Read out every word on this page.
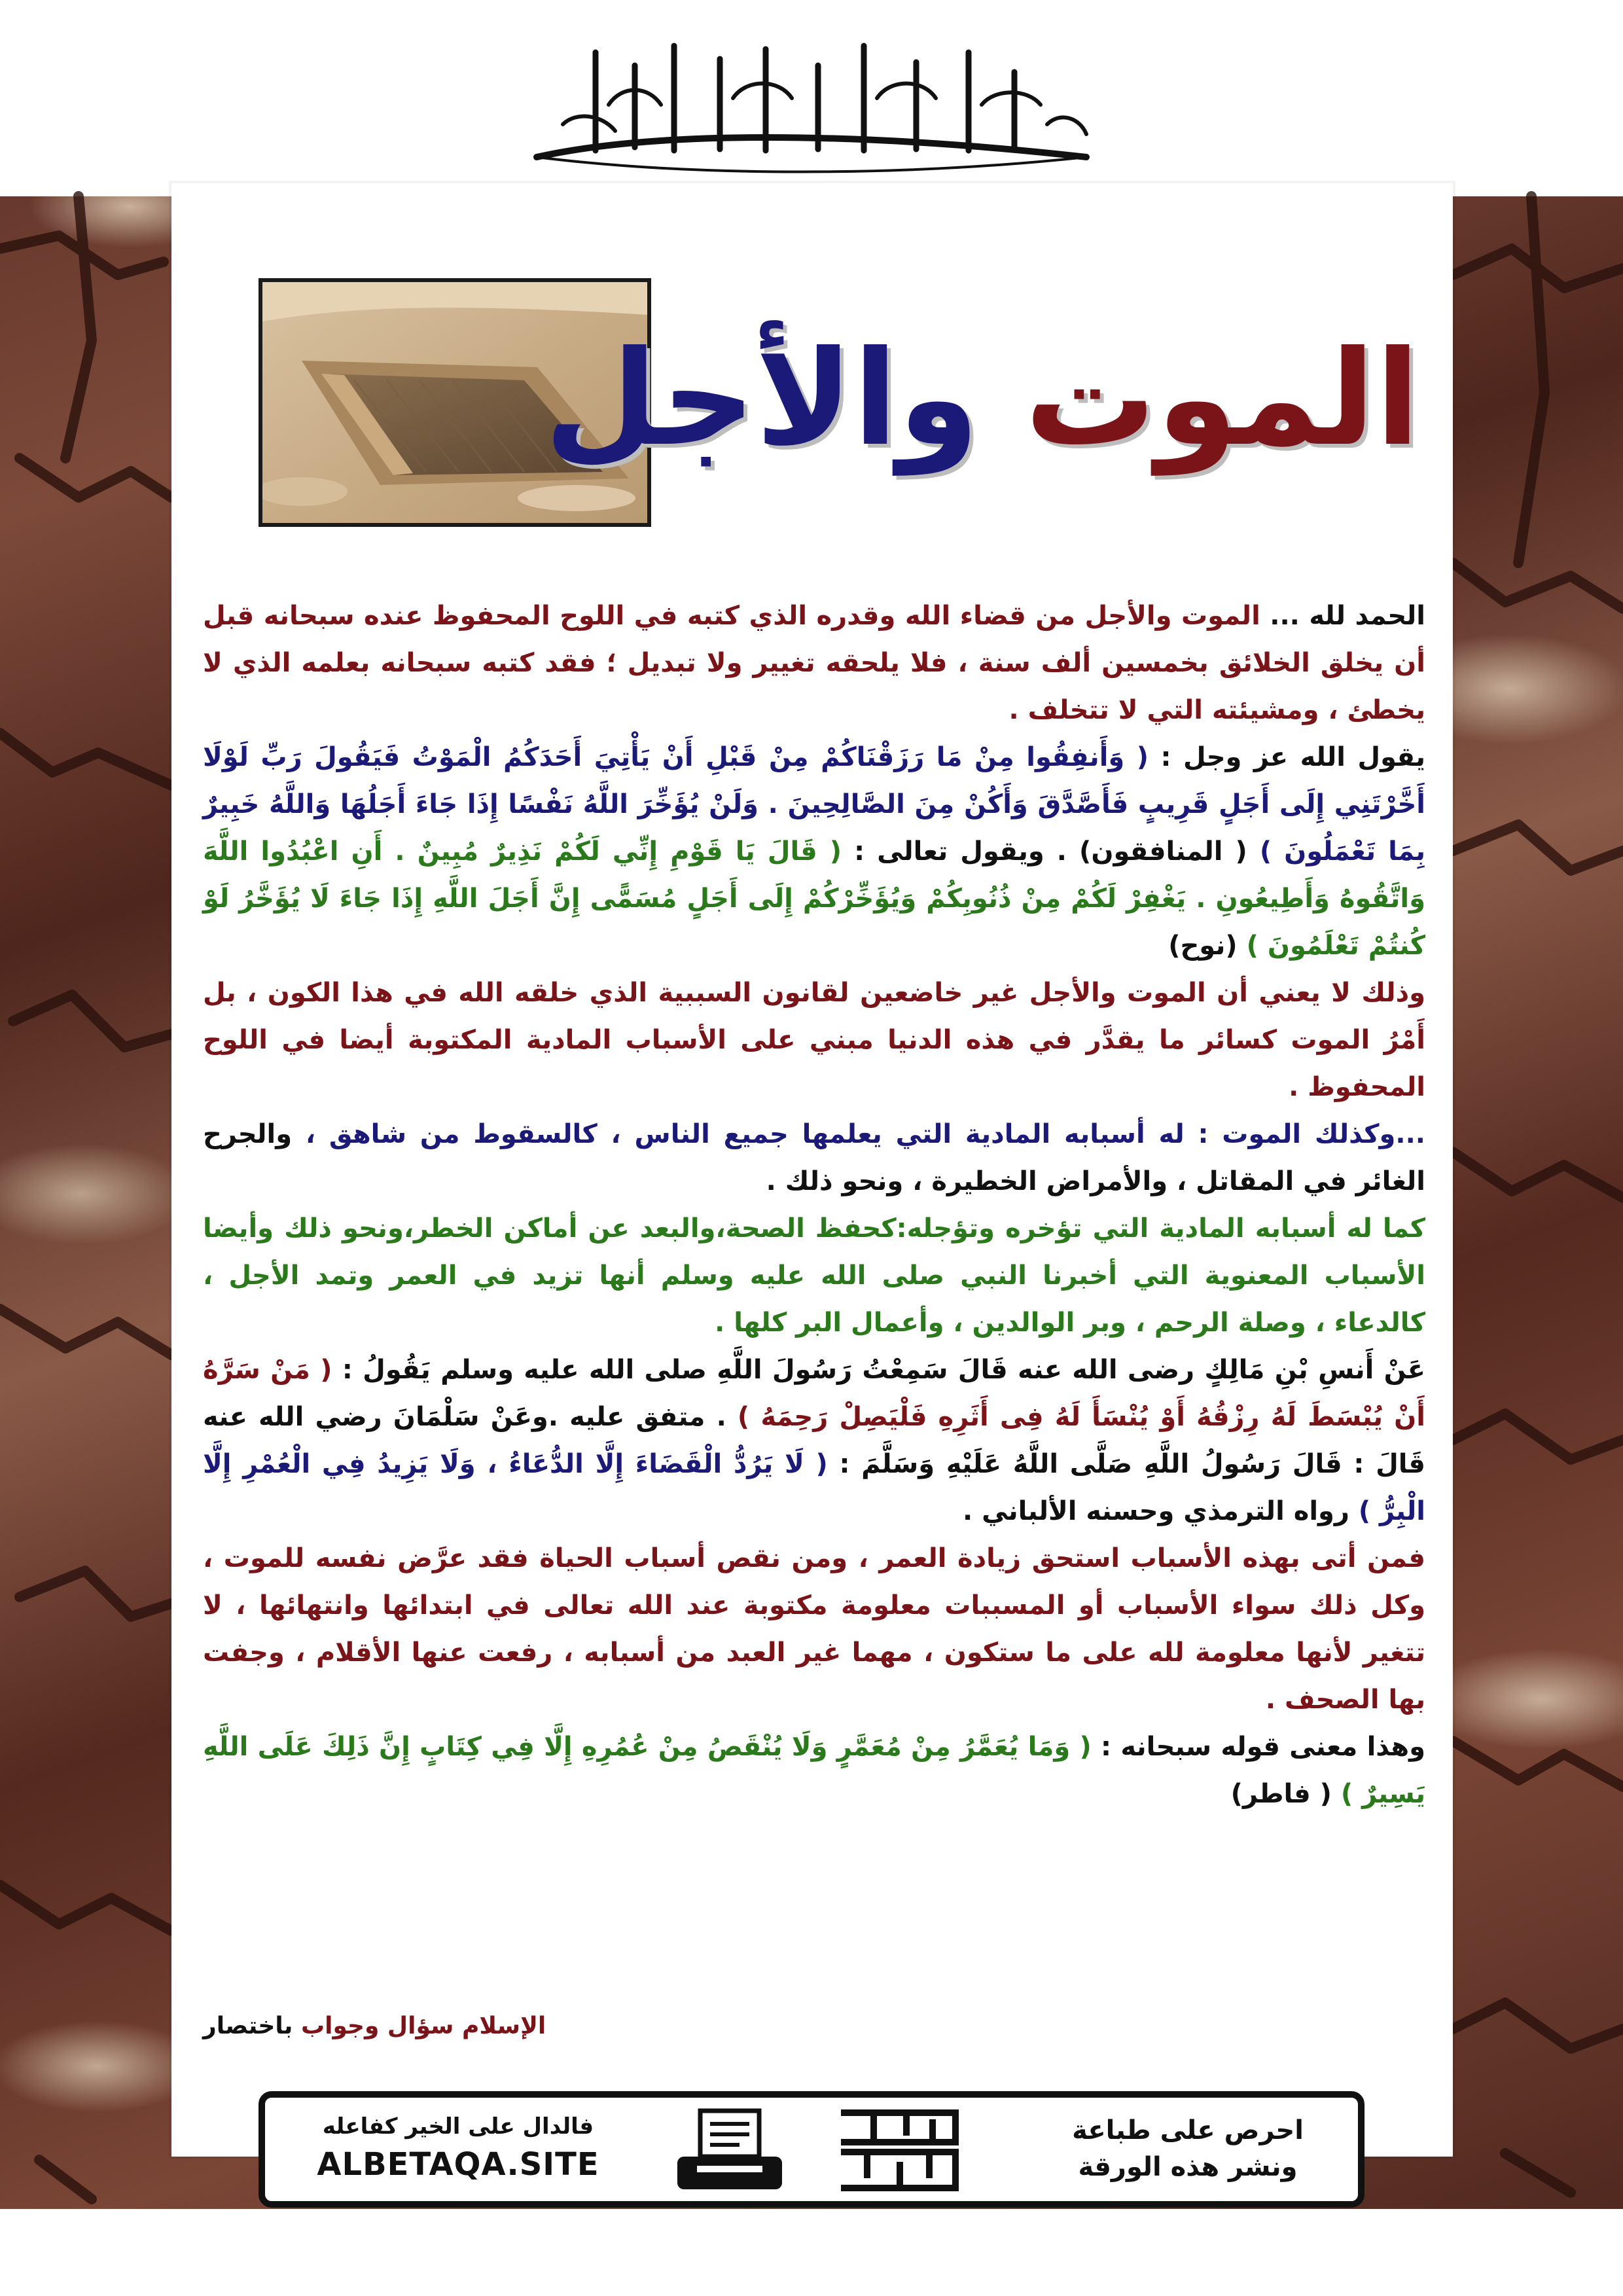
الموت والأجل

الحمد لله ... الموت والأجل من قضاء الله وقدره الذي كتبه في اللوح المحفوظ عنده سبحانه قبل أن يخلق الخلائق بخمسين ألف سنة ، فلا يلحقه تغيير ولا تبديل ؛ فقد كتبه سبحانه بعلمه الذي لا يخطئ ، ومشيئته التي لا تتخلف .

يقول الله عز وجل : ( وَأَنفِقُوا مِنْ مَا رَزَقْنَاكُمْ مِنْ قَبْلِ أَنْ يَأْتِيَ أَحَدَكُمُ الْمَوْتُ فَيَقُولَ رَبِّ لَوْلَا أَخَّرْتَنِي إِلَى أَجَلٍ قَرِيبٍ فَأَصَّدَّقَ وَأَكُنْ مِنَ الصَّالِحِينَ . وَلَنْ يُؤَخِّرَ اللَّهُ نَفْسًا إِذَا جَاءَ أَجَلُهَا وَاللَّهُ خَبِيرٌ بِمَا تَعْمَلُونَ ) ( المنافقون) . ويقول تعالى : ( قَالَ يَا قَوْمِ إِنِّي لَكُمْ نَذِيرٌ مُبِينٌ . أَنِ اعْبُدُوا اللَّهَ وَاتَّقُوهُ وَأَطِيعُونِ . يَغْفِرْ لَكُمْ مِنْ ذُنُوبِكُمْ وَيُؤَخِّرْكُمْ إِلَى أَجَلٍ مُسَمًّى إِنَّ أَجَلَ اللَّهِ إِذَا جَاءَ لَا يُؤَخَّرُ لَوْ كُنتُمْ تَعْلَمُونَ ) (نوح)

وذلك لا يعني أن الموت والأجل غير خاضعين لقانون السببية الذي خلقه الله في هذا الكون ، بل أَمْرُ الموت كسائر ما يقدَّر في هذه الدنيا مبني على الأسباب المادية المكتوبة أيضا في اللوح المحفوظ .

...وكذلك الموت : له أسبابه المادية التي يعلمها جميع الناس ، كالسقوط من شاهق ، والجرح الغائر في المقاتل ، والأمراض الخطيرة ، ونحو ذلك .

كما له أسبابه المادية التي تؤخره وتؤجله:كحفظ الصحة،والبعد عن أماكن الخطر،ونحو ذلك وأيضا الأسباب المعنوية التي أخبرنا النبي صلى الله عليه وسلم أنها تزيد في العمر وتمد الأجل ، كالدعاء ، وصلة الرحم ، وبر الوالدين ، وأعمال البر كلها .

عَنْ أَنسِ بْنِ مَالِكٍ رضى الله عنه قَالَ سَمِعْتُ رَسُولَ اللَّهِ صلى الله عليه وسلم يَقُولُ : ( مَنْ سَرَّهُ أَنْ يُبْسَطَ لَهُ رِزْقُهُ أَوْ يُنْسَأَ لَهُ فِى أَثَرِهِ فَلْيَصِلْ رَحِمَهُ ) . متفق عليه .وعَنْ سَلْمَانَ رضي الله عنه قَالَ : قَالَ رَسُولُ اللَّهِ صَلَّى اللَّهُ عَلَيْهِ وَسَلَّمَ : ( لَا يَرُدُّ الْقَضَاءَ إِلَّا الدُّعَاءُ ، وَلَا يَزِيدُ فِي الْعُمْرِ إِلَّا الْبِرُّ ) رواه الترمذي وحسنه الألباني .

فمن أتى بهذه الأسباب استحق زيادة العمر ، ومن نقص أسباب الحياة فقد عرَّض نفسه للموت ، وكل ذلك سواء الأسباب أو المسببات معلومة مكتوبة عند الله تعالى في ابتدائها وانتهائها ، لا تتغير لأنها معلومة لله على ما ستكون ، مهما غير العبد من أسبابه ، رفعت عنها الأقلام ، وجفت بها الصحف .

وهذا معنى قوله سبحانه : ( وَمَا يُعَمَّرُ مِنْ مُعَمَّرٍ وَلَا يُنْقَصُ مِنْ عُمُرِهِ إِلَّا فِي كِتَابٍ إِنَّ ذَلِكَ عَلَى اللَّهِ يَسِيرٌ ) ( فاطر)

الإسلام سؤال وجواب باختصار
احرص على طباعة
ونشر هذه الورقة
فالدال على الخير كفاعله
ALBETAQA.SITE
